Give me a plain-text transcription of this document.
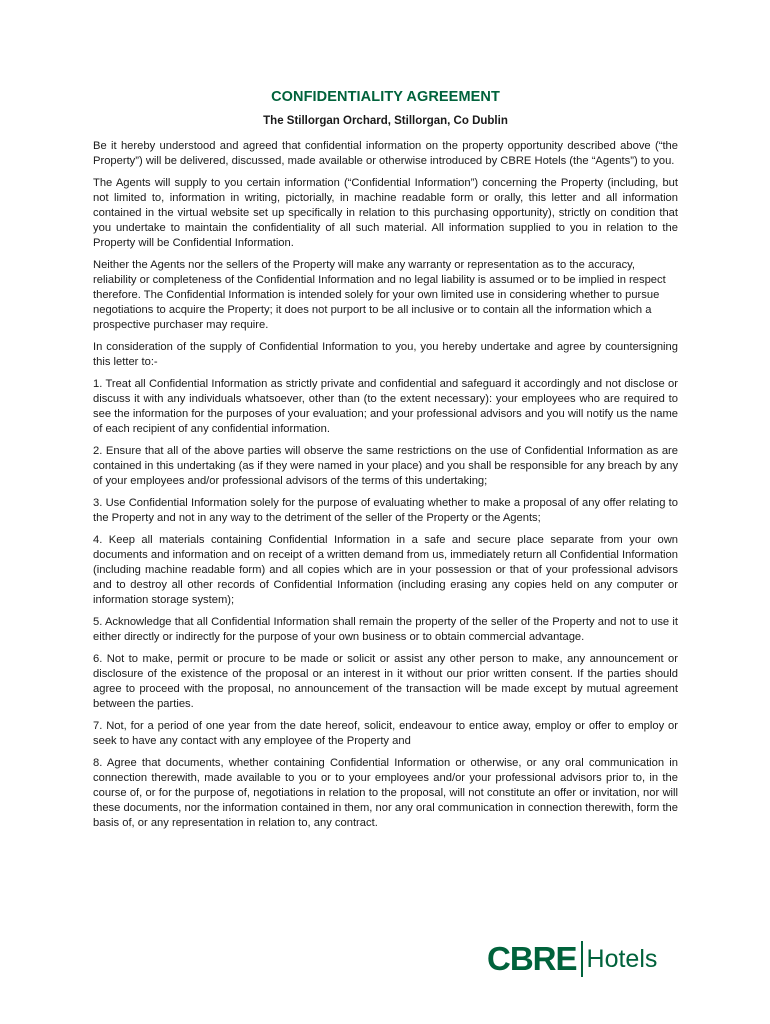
CONFIDENTIALITY AGREEMENT
The Stillorgan Orchard, Stillorgan, Co Dublin

Be it hereby understood and agreed that confidential information on the property opportunity described above (“the Property”) will be delivered, discussed, made available or otherwise introduced by CBRE Hotels (the “Agents”) to you.

The Agents will supply to you certain information (“Confidential Information”) concerning the Property (including, but not limited to, information in writing, pictorially, in machine readable form or orally, this letter and all information contained in the virtual website set up specifically in relation to this purchasing opportunity), strictly on condition that you undertake to maintain the confidentiality of all such material. All information supplied to you in relation to the Property will be Confidential Information.

Neither the Agents nor the sellers of the Property will make any warranty or representation as to the accuracy, reliability or completeness of the Confidential Information and no legal liability is assumed or to be implied in respect therefore. The Confidential Information is intended solely for your own limited use in considering whether to pursue negotiations to acquire the Property; it does not purport to be all inclusive or to contain all the information which a prospective purchaser may require.

In consideration of the supply of Confidential Information to you, you hereby undertake and agree by countersigning this letter to:-

1. Treat all Confidential Information as strictly private and confidential and safeguard it accordingly and not disclose or discuss it with any individuals whatsoever, other than (to the extent necessary): your employees who are required to see the information for the purposes of your evaluation; and your professional advisors and you will notify us the name of each recipient of any confidential information.

2. Ensure that all of the above parties will observe the same restrictions on the use of Confidential Information as are contained in this undertaking (as if they were named in your place) and you shall be responsible for any breach by any of your employees and/or professional advisors of the terms of this undertaking;

3. Use Confidential Information solely for the purpose of evaluating whether to make a proposal of any offer relating to the Property and not in any way to the detriment of the seller of the Property or the Agents;

4. Keep all materials containing Confidential Information in a safe and secure place separate from your own documents and information and on receipt of a written demand from us, immediately return all Confidential Information (including machine readable form) and all copies which are in your possession or that of your professional advisors and to destroy all other records of Confidential Information (including erasing any copies held on any computer or information storage system);

5. Acknowledge that all Confidential Information shall remain the property of the seller of the Property and not to use it either directly or indirectly for the purpose of your own business or to obtain commercial advantage.

6. Not to make, permit or procure to be made or solicit or assist any other person to make, any announcement or disclosure of the existence of the proposal or an interest in it without our prior written consent. If the parties should agree to proceed with the proposal, no announcement of the transaction will be made except by mutual agreement between the parties.

7. Not, for a period of one year from the date hereof, solicit, endeavour to entice away, employ or offer to employ or seek to have any contact with any employee of the Property and

8. Agree that documents, whether containing Confidential Information or otherwise, or any oral communication in connection therewith, made available to you or to your employees and/or your professional advisors prior to, in the course of, or for the purpose of, negotiations in relation to the proposal, will not constitute an offer or invitation, nor will these documents, nor the information contained in them, nor any oral communication in connection therewith, form the basis of, or any representation in relation to, any contract.

CBRE Hotels
